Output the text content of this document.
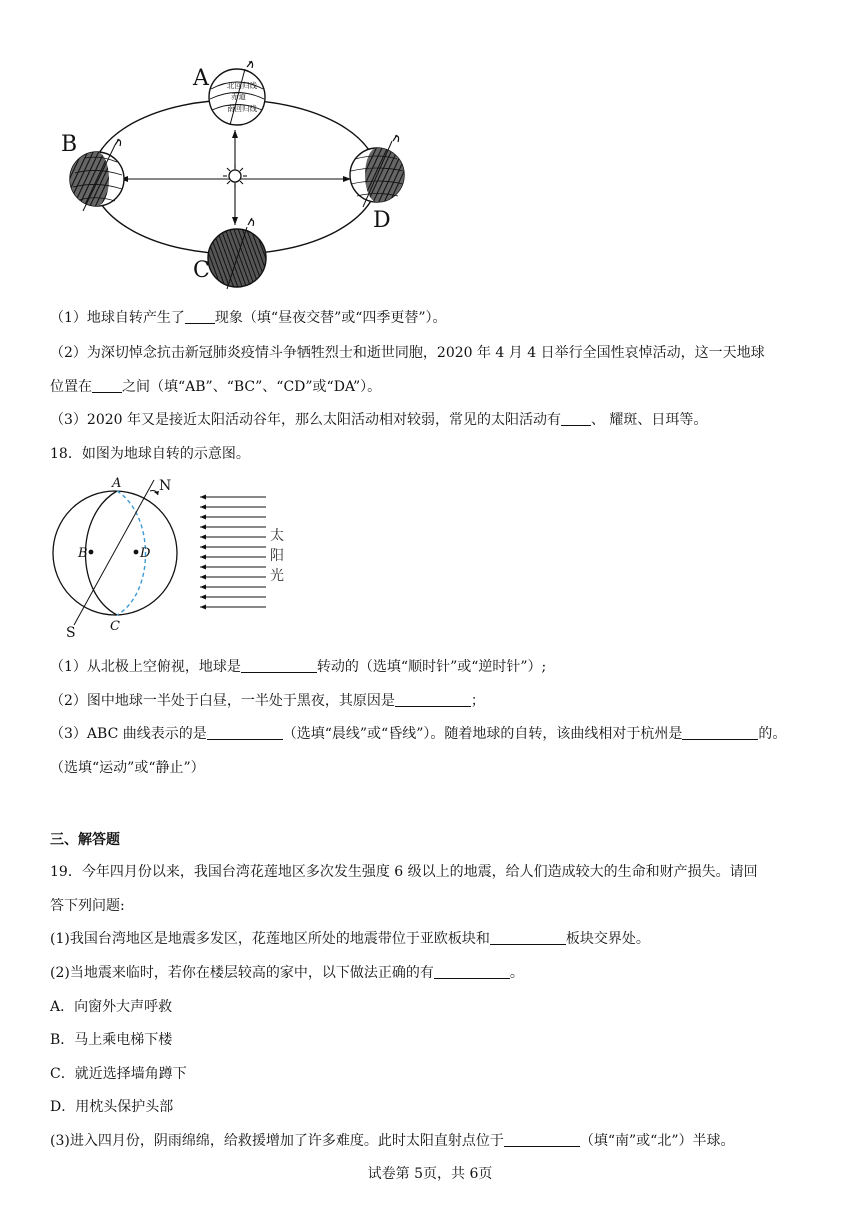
北回归线
赤道
南回归线
A
B
C
D
（1）地球自转产生了 现象（填“昼夜交替”或“四季更替”）。
（2）为深切悼念抗击新冠肺炎疫情斗争牺牲烈士和逝世同胞，2020 年 4 月 4 日举行全国性哀悼活动，这一天地球
位置在 之间（填“AB”、“BC”、“CD”或“DA”）。
（3）2020 年又是接近太阳活动谷年，那么太阳活动相对较弱，常见的太阳活动有 、 耀斑、日珥等。
18．如图为地球自转的示意图。
N
S
A
B
C
D
太
阳
光
（1）从北极上空俯视，地球是	转动的（选填“顺时针”或“逆时针”）;
（2）图中地球一半处于白昼，一半处于黑夜，其原因是	；
（3）ABC 曲线表示的是	（选填“晨线”或“昏线”）。随着地球的自转，该曲线相对于杭州是	的。
（选填“运动”或“静止”）
三、解答题
19．今年四月份以来，我国台湾花莲地区多次发生强度 6 级以上的地震，给人们造成较大的生命和财产损失。请回
答下列问题:
(1)我国台湾地区是地震多发区，花莲地区所处的地震带位于亚欧板块和	板块交界处。
(2)当地震来临时，若你在楼层较高的家中，以下做法正确的有	。
A．向窗外大声呼救
B．马上乘电梯下楼
C．就近选择墙角蹲下
D．用枕头保护头部
(3)进入四月份，阴雨绵绵，给救援增加了许多难度。此时太阳直射点位于	（填“南”或“北”）半球。
试卷第 5页，共 6页
